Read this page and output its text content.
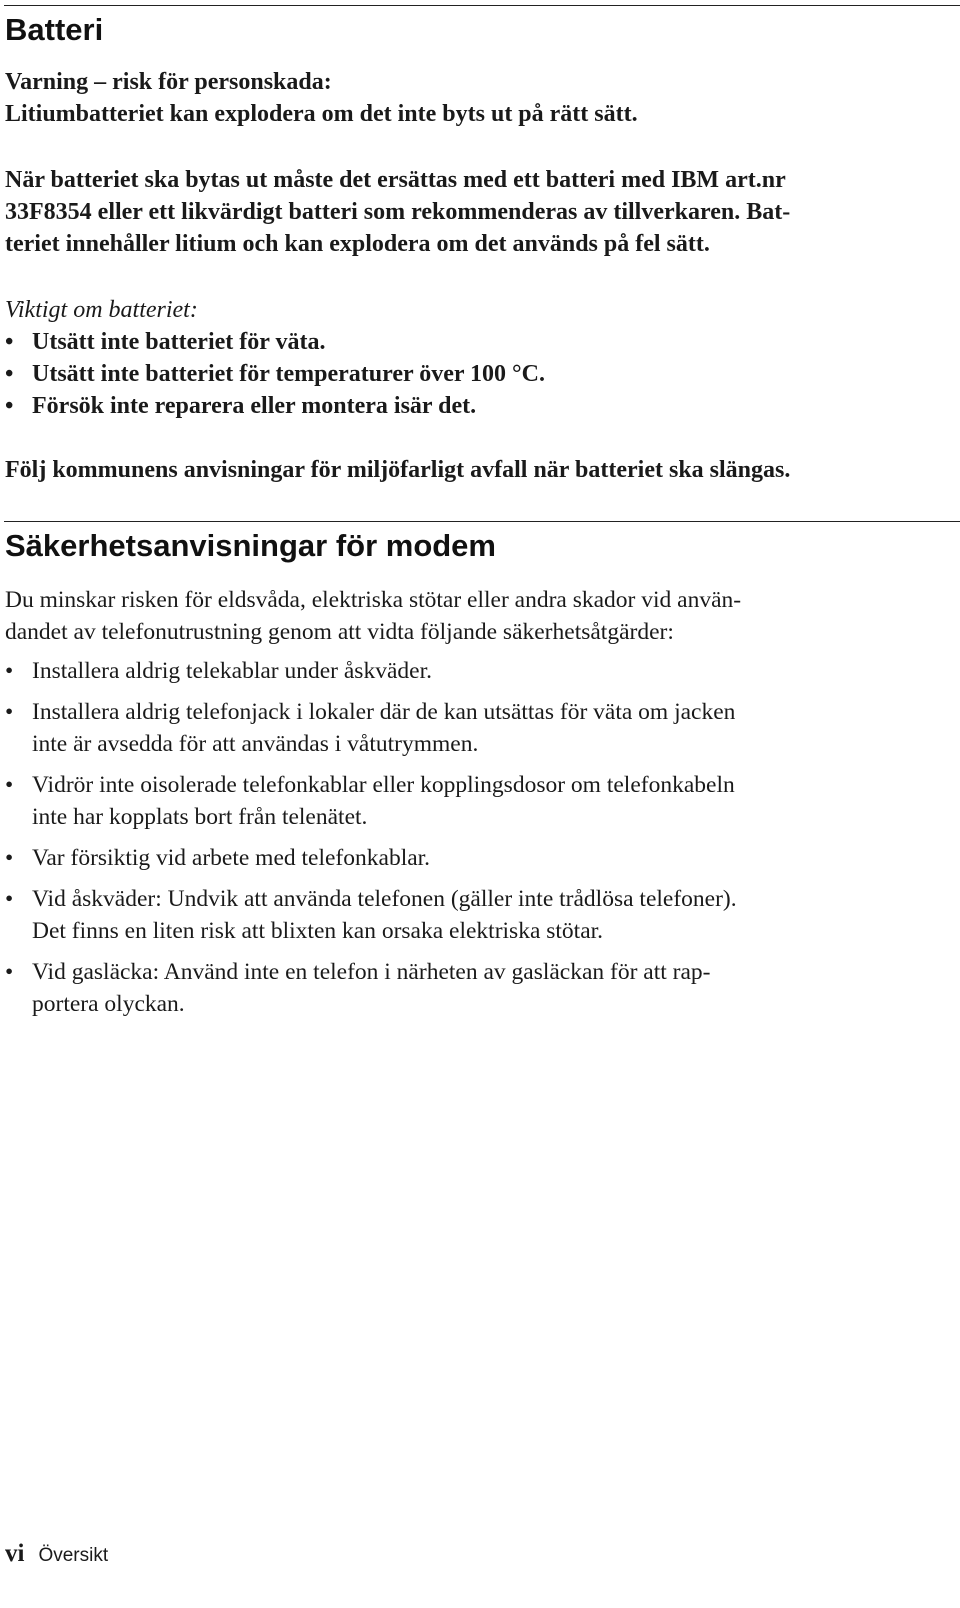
Batteri
Varning – risk för personskada:
Litiumbatteriet kan explodera om det inte byts ut på rätt sätt.
När batteriet ska bytas ut måste det ersättas med ett batteri med IBM art.nr
33F8354 eller ett likvärdigt batteri som rekommenderas av tillverkaren. Bat-
teriet innehåller litium och kan explodera om det används på fel sätt.
Viktigt om batteriet:
• Utsätt inte batteriet för väta.
• Utsätt inte batteriet för temperaturer över 100 °C.
• Försök inte reparera eller montera isär det.
Följ kommunens anvisningar för miljöfarligt avfall när batteriet ska slängas.
Säkerhetsanvisningar för modem
Du minskar risken för eldsvåda, elektriska stötar eller andra skador vid använ-
dandet av telefonutrustning genom att vidta följande säkerhetsåtgärder:
• Installera aldrig telekablar under åskväder.
• Installera aldrig telefonjack i lokaler där de kan utsättas för väta om jacken
inte är avsedda för att användas i våtutrymmen.
• Vidrör inte oisolerade telefonkablar eller kopplingsdosor om telefonkabeln
inte har kopplats bort från telenätet.
• Var försiktig vid arbete med telefonkablar.
• Vid åskväder: Undvik att använda telefonen (gäller inte trådlösa telefoner).
Det finns en liten risk att blixten kan orsaka elektriska stötar.
• Vid gasläcka: Använd inte en telefon i närheten av gasläckan för att rap-
portera olyckan.
vi Översikt
